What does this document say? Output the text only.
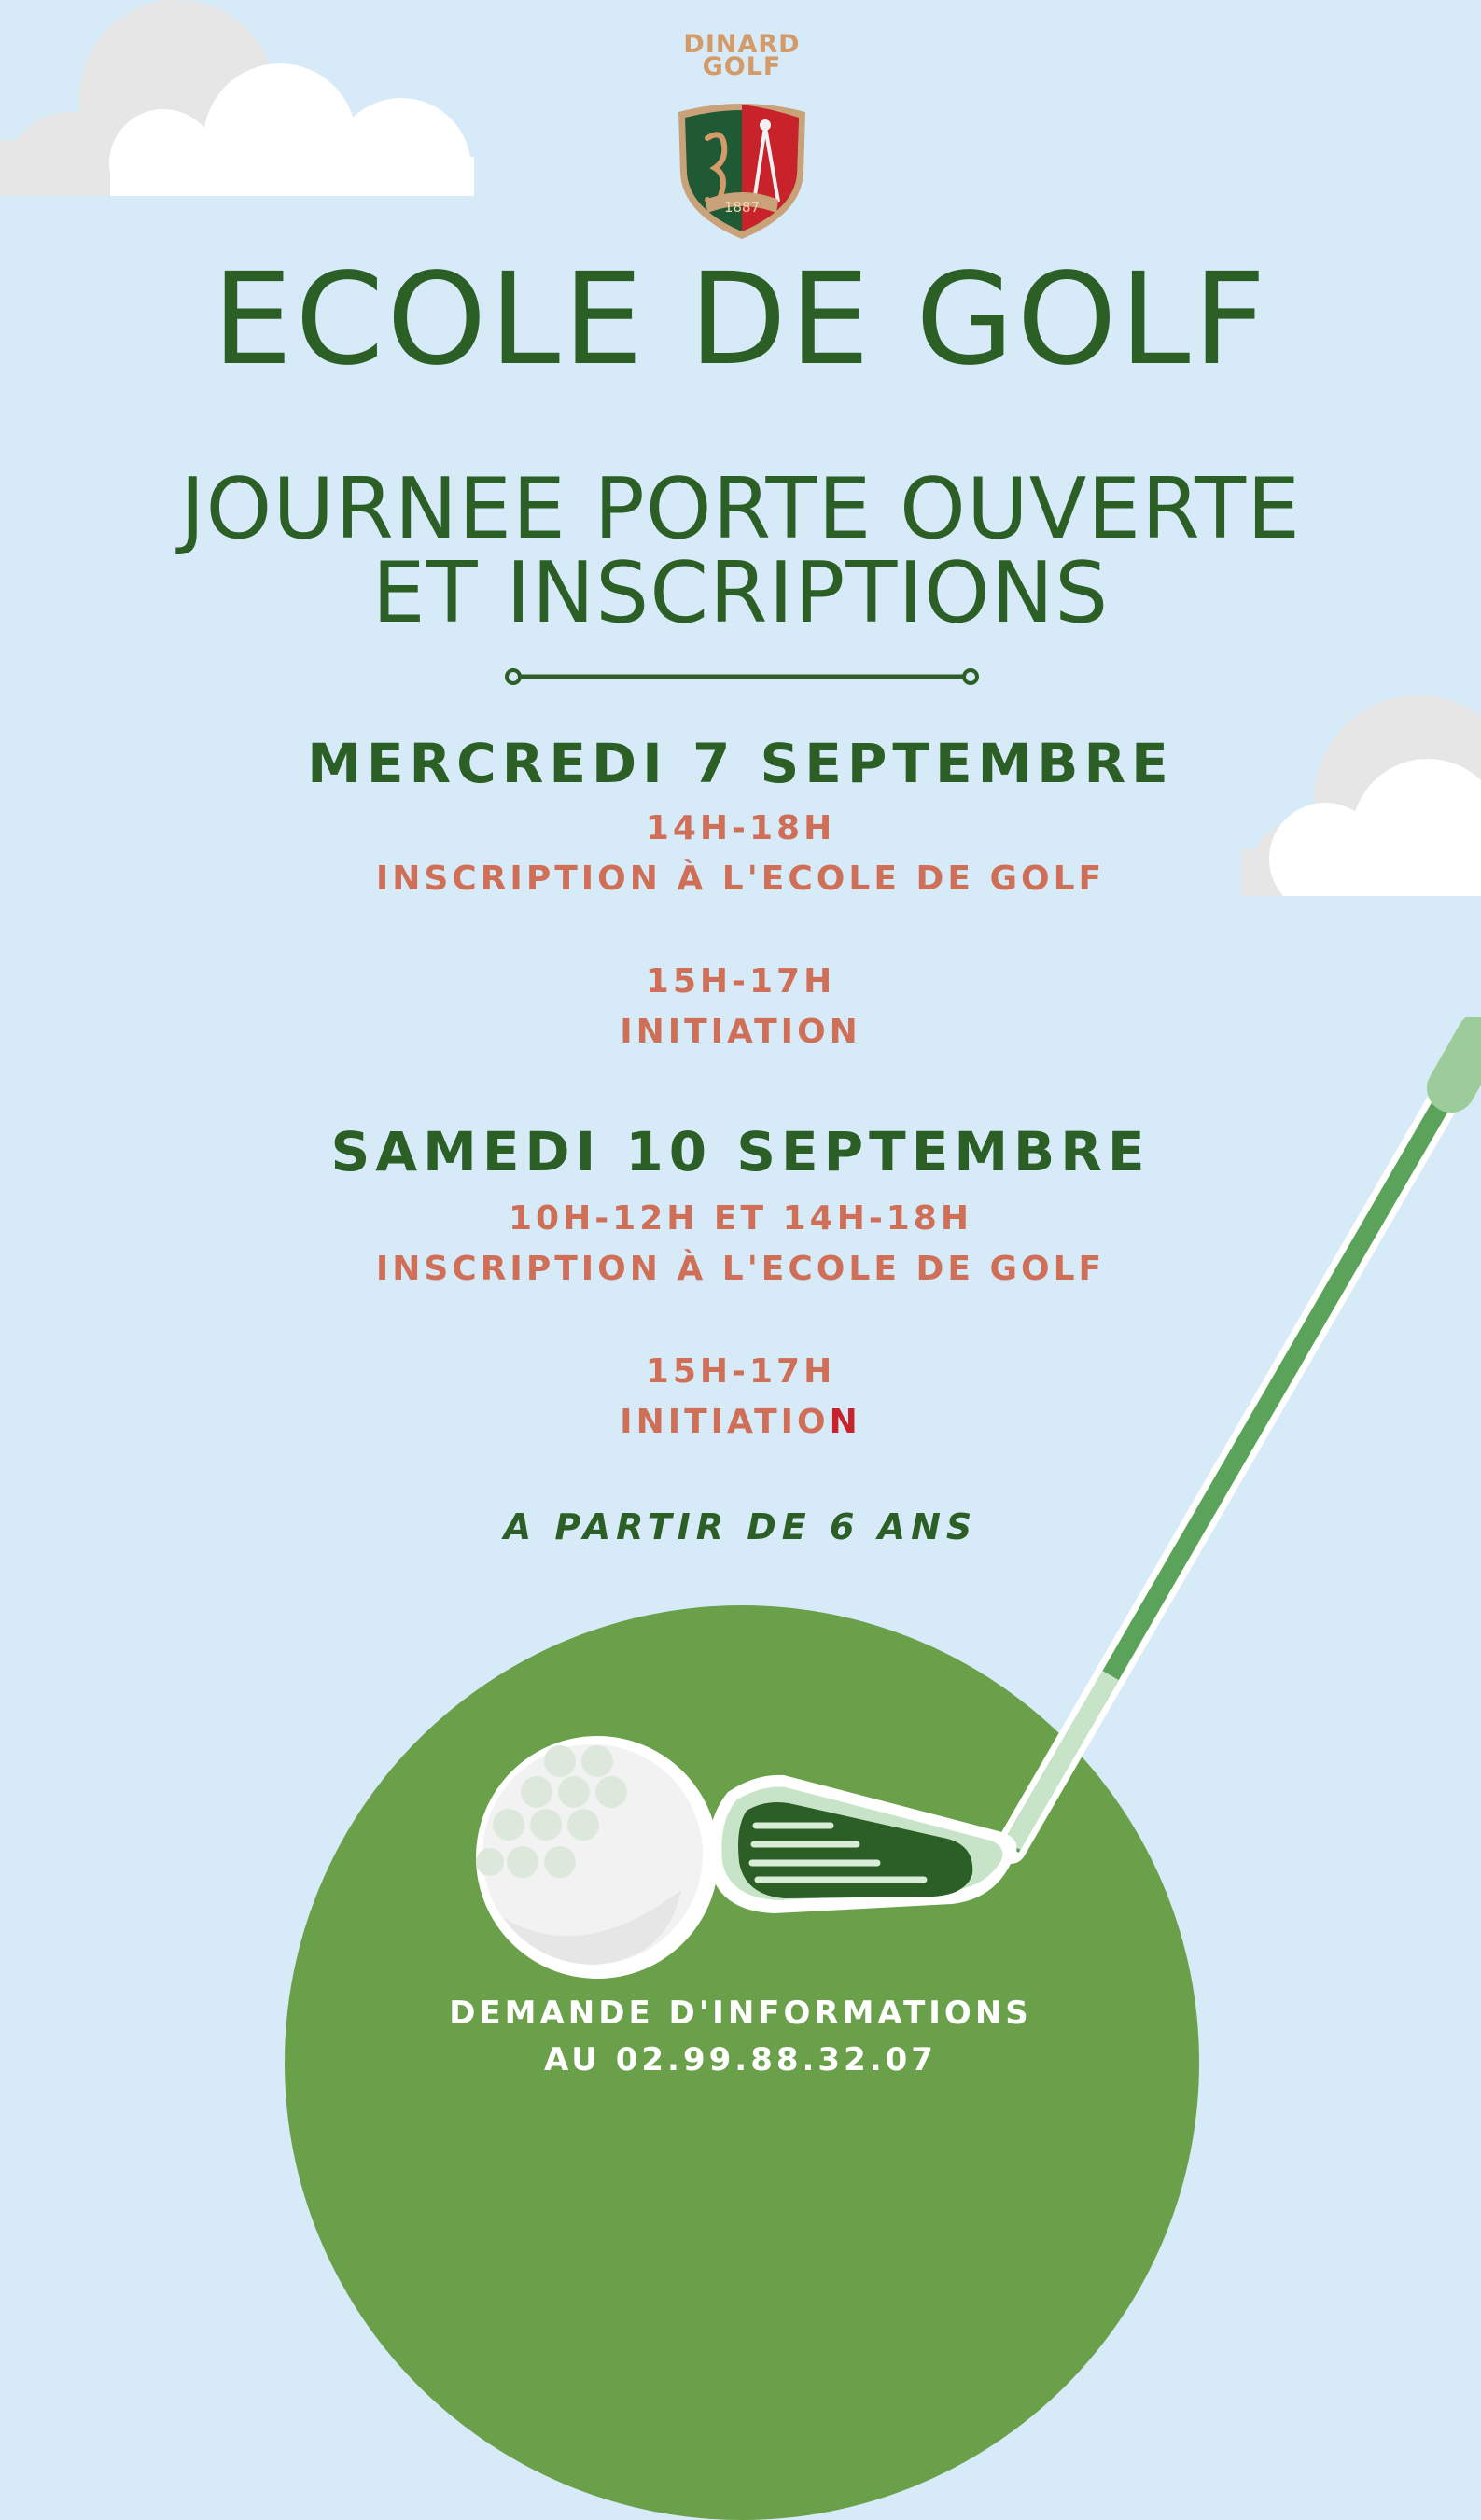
DINARD
GOLF
1887
ECOLE DE GOLF
JOURNEE PORTE OUVERTE
ET INSCRIPTIONS
MERCREDI 7 SEPTEMBRE
14H-18H
INSCRIPTION À L'ECOLE DE GOLF
15H-17H
INITIATION
SAMEDI 10 SEPTEMBRE
10H-12H ET 14H-18H
INSCRIPTION À L'ECOLE DE GOLF
15H-17H
INITIATION
A PARTIR DE 6 ANS
DEMANDE D'INFORMATIONS
AU 02.99.88.32.07
